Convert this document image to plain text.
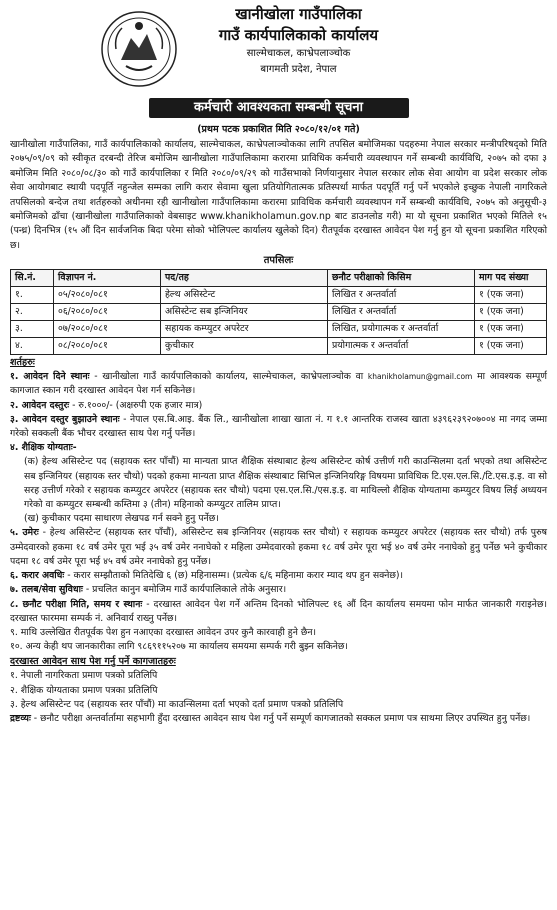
खानीखोला गाउँपालिका
गाउँ कार्यपालिकाको कार्यालय
साल्मेचाकल, काभ्रेपलाञ्चोक
बागमती प्रदेश, नेपाल
कर्मचारी आवश्यकता सम्बन्धी सूचना
(प्रथम पटक प्रकाशित मिति २०८०/१२/०१ गते)

खानीखोला गाउँपालिका, गाउँ कार्यपालिकाको कार्यालय, साल्मेचाकल, काभ्रेपलाञ्चोकका लागि तपसिल बमोजिमका पदहरुमा नेपाल सरकार मन्त्रीपरिषद्को मिति २०७५/०९/०९ को स्वीकृत दरबन्दी तेरिज बमोजिम खानीखोला गाउँपालिकामा करारमा प्राविधिक कर्मचारी व्यवस्थापन गर्ने सम्बन्धी कार्यविधि, २०७५ को दफा ३ बमोजिम मिति २०८०/०८/३० को गाउँ कार्यपालिका र मिति २०८०/०९/२९ को गाउँसभाको निर्णयानुसार नेपाल सरकार लोक सेवा आयोग वा प्रदेश सरकार लोक सेवा आयोगबाट स्थायी पदपूर्ति नहुन्जेल सम्मका लागि करार सेवामा खुला प्रतियोगितात्मक प्रतिस्पर्धा मार्फत पदपूर्ति गर्नु पर्ने भएकोले इच्छुक नेपाली नागरिकले तपसिलको बन्देज तथा शर्तहरुको अधीनमा रही खानीखोला गाउँपालिकामा करारमा प्राविधिक कर्मचारी व्यवस्थापन गर्ने सम्बन्धी कार्यविधि, २०७५ को अनुसूची-३ बमोजिमको ढाँचा (खानीखोला गाउँपालिकाको वेबसाइट www.khanikholamun.gov.np बाट डाउनलोड गरी) मा यो सूचना प्रकाशित भएको मितिले १५ (पन्ध्र) दिनभित्र (१५ औं दिन सार्वजनिक बिदा परेमा सोको भोलिपल्ट कार्यालय खुलेको दिन) रीतपूर्वक दरखास्त आवेदन पेश गर्नु हुन यो सूचना प्रकाशित गरिएको छ।

तपसिलः
सि.नं.	विज्ञापन नं.	पद/तह	छनौट परीक्षाको किसिम	माग पद संख्या
१.	०५/२०८०/०८१	हेल्थ असिस्टेन्ट	लिखित र अन्तर्वार्ता	१ (एक जना)
२.	०६/२०८०/०८१	असिस्टेन्ट सब इन्जिनियर	लिखित र अन्तर्वार्ता	१ (एक जना)
३.	०७/२०८०/०८१	सहायक कम्प्युटर अपरेटर	लिखित, प्रयोगात्मक र अन्तर्वार्ता	१ (एक जना)
४.	०८/२०८०/०८१	कुचीकार	प्रयोगात्मक र अन्तर्वार्ता	१ (एक जना)
शर्तहरुः

१. आवेदन दिने स्थानः - खानीखोला गाउँ कार्यपालिकाको कार्यालय, साल्मेचाकल, काभ्रेपलाञ्चोक वा khanikholamun@gmail.com मा आवश्यक सम्पूर्ण कागजात स्कान गरी दरखास्त आवेदन पेश गर्न सकिनेछ।

२. आवेदन दस्तुरः - रु.१०००/- (अक्षरुपी एक हजार मात्र)

३. आवेदन दस्तुर बुझाउने स्थानः - नेपाल एस.बि.आइ. बैंक लि., खानीखोला शाखा खाता नं. ग १.१ आन्तरिक राजस्व खाता ४३९६२३९२०७००४ मा नगद जम्मा गरेको सक्कली बैंक भौचर दरखास्त साथ पेश गर्नु पर्नेछ।

४. शैक्षिक योग्यताः-

(क) हेल्थ असिस्टेन्ट पद (सहायक स्तर पाँचौं) मा मान्यता प्राप्त शैक्षिक संस्थाबाट हेल्थ असिस्टेन्ट कोर्ष उत्तीर्ण गरी काउन्सिलमा दर्ता भएको तथा असिस्टेन्ट सब इन्जिनियर (सहायक स्तर चौथो) पदको हकमा मान्यता प्राप्त शैक्षिक संस्थाबाट सिभिल इन्जिनियरिङ्ग विषयमा प्राविधिक टि.एस.एल.सि./टि.एस.इ.इ. वा सो सरह उत्तीर्ण गरेको र सहायक कम्प्युटर अपरेटर (सहायक स्तर चौथो) पदमा एस.एल.सि./एस.इ.इ. वा माथिल्लो शैक्षिक योग्यतामा कम्प्युटर विषय लिई अध्ययन गरेको वा कम्प्युटर सम्बन्धी कम्तिमा ३ (तीन) महिनाको कम्प्युटर तालिम प्राप्त।

(ख) कुचीकार पदमा साधारण लेखपढ गर्न सक्ने हुनु पर्नेछ।

५. उमेरः - हेल्थ असिस्टेन्ट (सहायक स्तर पाँचौं), असिस्टेन्ट सब इन्जिनियर (सहायक स्तर चौथो) र सहायक कम्प्युटर अपरेटर (सहायक स्तर चौथो) तर्फ पुरुष उम्मेदवारको हकमा १८ वर्ष उमेर पूरा भई ३५ वर्ष उमेर ननाघेको र महिला उम्मेदवारको हकमा १८ वर्ष उमेर पूरा भई ४० वर्ष उमेर ननाघेको हुनु पर्नेछ भने कुचीकार पदमा १८ वर्ष उमेर पूरा भई ४५ वर्ष उमेर ननाघेको हुनु पर्नेछ।

६. करार अवधिः - करार सम्झौताको मितिदेखि ६ (छ) महिनासम्म। (प्रत्येक ६/६ महिनामा करार म्याद थप हुन सक्नेछ)।

७. तलब/सेवा सुविधाः - प्रचलित कानुन बमोजिम गाउँ कार्यपालिकाले तोके अनुसार।

८. छनौट परीक्षा मिति, समय र स्थानः - दरखास्त आवेदन पेश गर्ने अन्तिम दिनको भोलिपल्ट १६ औं दिन कार्यालय समयमा फोन मार्फत जानकारी गराइनेछ। दरखास्त फारममा सम्पर्क नं. अनिवार्य राख्नु पर्नेछ।

९. माथि उल्लेखित रीतपूर्वक पेश हुन नआएका दरखास्त आवेदन उपर कुनै कारवाही हुने छैन।

१०. अन्य केही थप जानकारीका लागि ९८६९११५२०७ मा कार्यालय समयमा सम्पर्क गरी बुझ्न सकिनेछ।

दरखास्त आवेदन साथ पेश गर्नु पर्ने कागजातहरुः

१. नेपाली नागरिकता प्रमाण पत्रको प्रतिलिपि

२. शैक्षिक योग्यताका प्रमाण पत्रका प्रतिलिपि

३. हेल्थ असिस्टेन्ट पद (सहायक स्तर पाँचौं) मा काउन्सिलमा दर्ता भएको दर्ता प्रमाण पत्रको प्रतिलिपि

द्रष्टव्यः - छनौट परीक्षा अन्तर्वार्तामा सहभागी हुँदा दरखास्त आवेदन साथ पेश गर्नु पर्ने सम्पूर्ण कागजातको सक्कल प्रमाण पत्र साथमा लिएर उपस्थित हुनु पर्नेछ।
